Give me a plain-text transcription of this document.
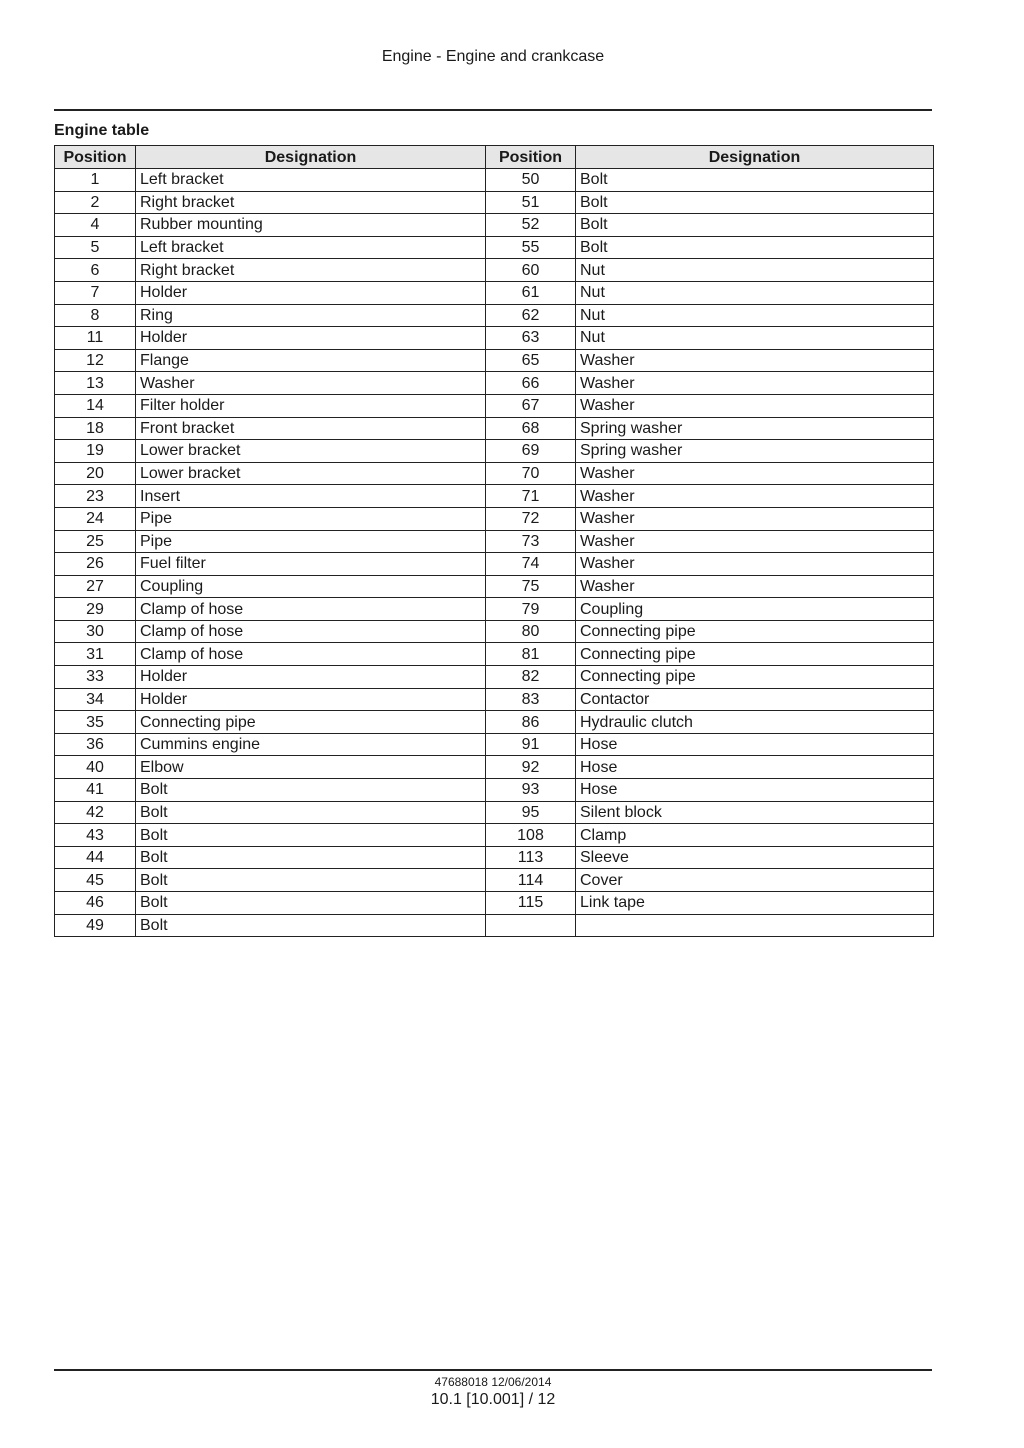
Engine - Engine and crankcase
Engine table
Position	Designation	Position	Designation
1	Left bracket	50	Bolt
2	Right bracket	51	Bolt
4	Rubber mounting	52	Bolt
5	Left bracket	55	Bolt
6	Right bracket	60	Nut
7	Holder	61	Nut
8	Ring	62	Nut
11	Holder	63	Nut
12	Flange	65	Washer
13	Washer	66	Washer
14	Filter holder	67	Washer
18	Front bracket	68	Spring washer
19	Lower bracket	69	Spring washer
20	Lower bracket	70	Washer
23	Insert	71	Washer
24	Pipe	72	Washer
25	Pipe	73	Washer
26	Fuel filter	74	Washer
27	Coupling	75	Washer
29	Clamp of hose	79	Coupling
30	Clamp of hose	80	Connecting pipe
31	Clamp of hose	81	Connecting pipe
33	Holder	82	Connecting pipe
34	Holder	83	Contactor
35	Connecting pipe	86	Hydraulic clutch
36	Cummins engine	91	Hose
40	Elbow	92	Hose
41	Bolt	93	Hose
42	Bolt	95	Silent block
43	Bolt	108	Clamp
44	Bolt	113	Sleeve
45	Bolt	114	Cover
46	Bolt	115	Link tape
49	Bolt		
47688018 12/06/2014
10.1 [10.001] / 12
